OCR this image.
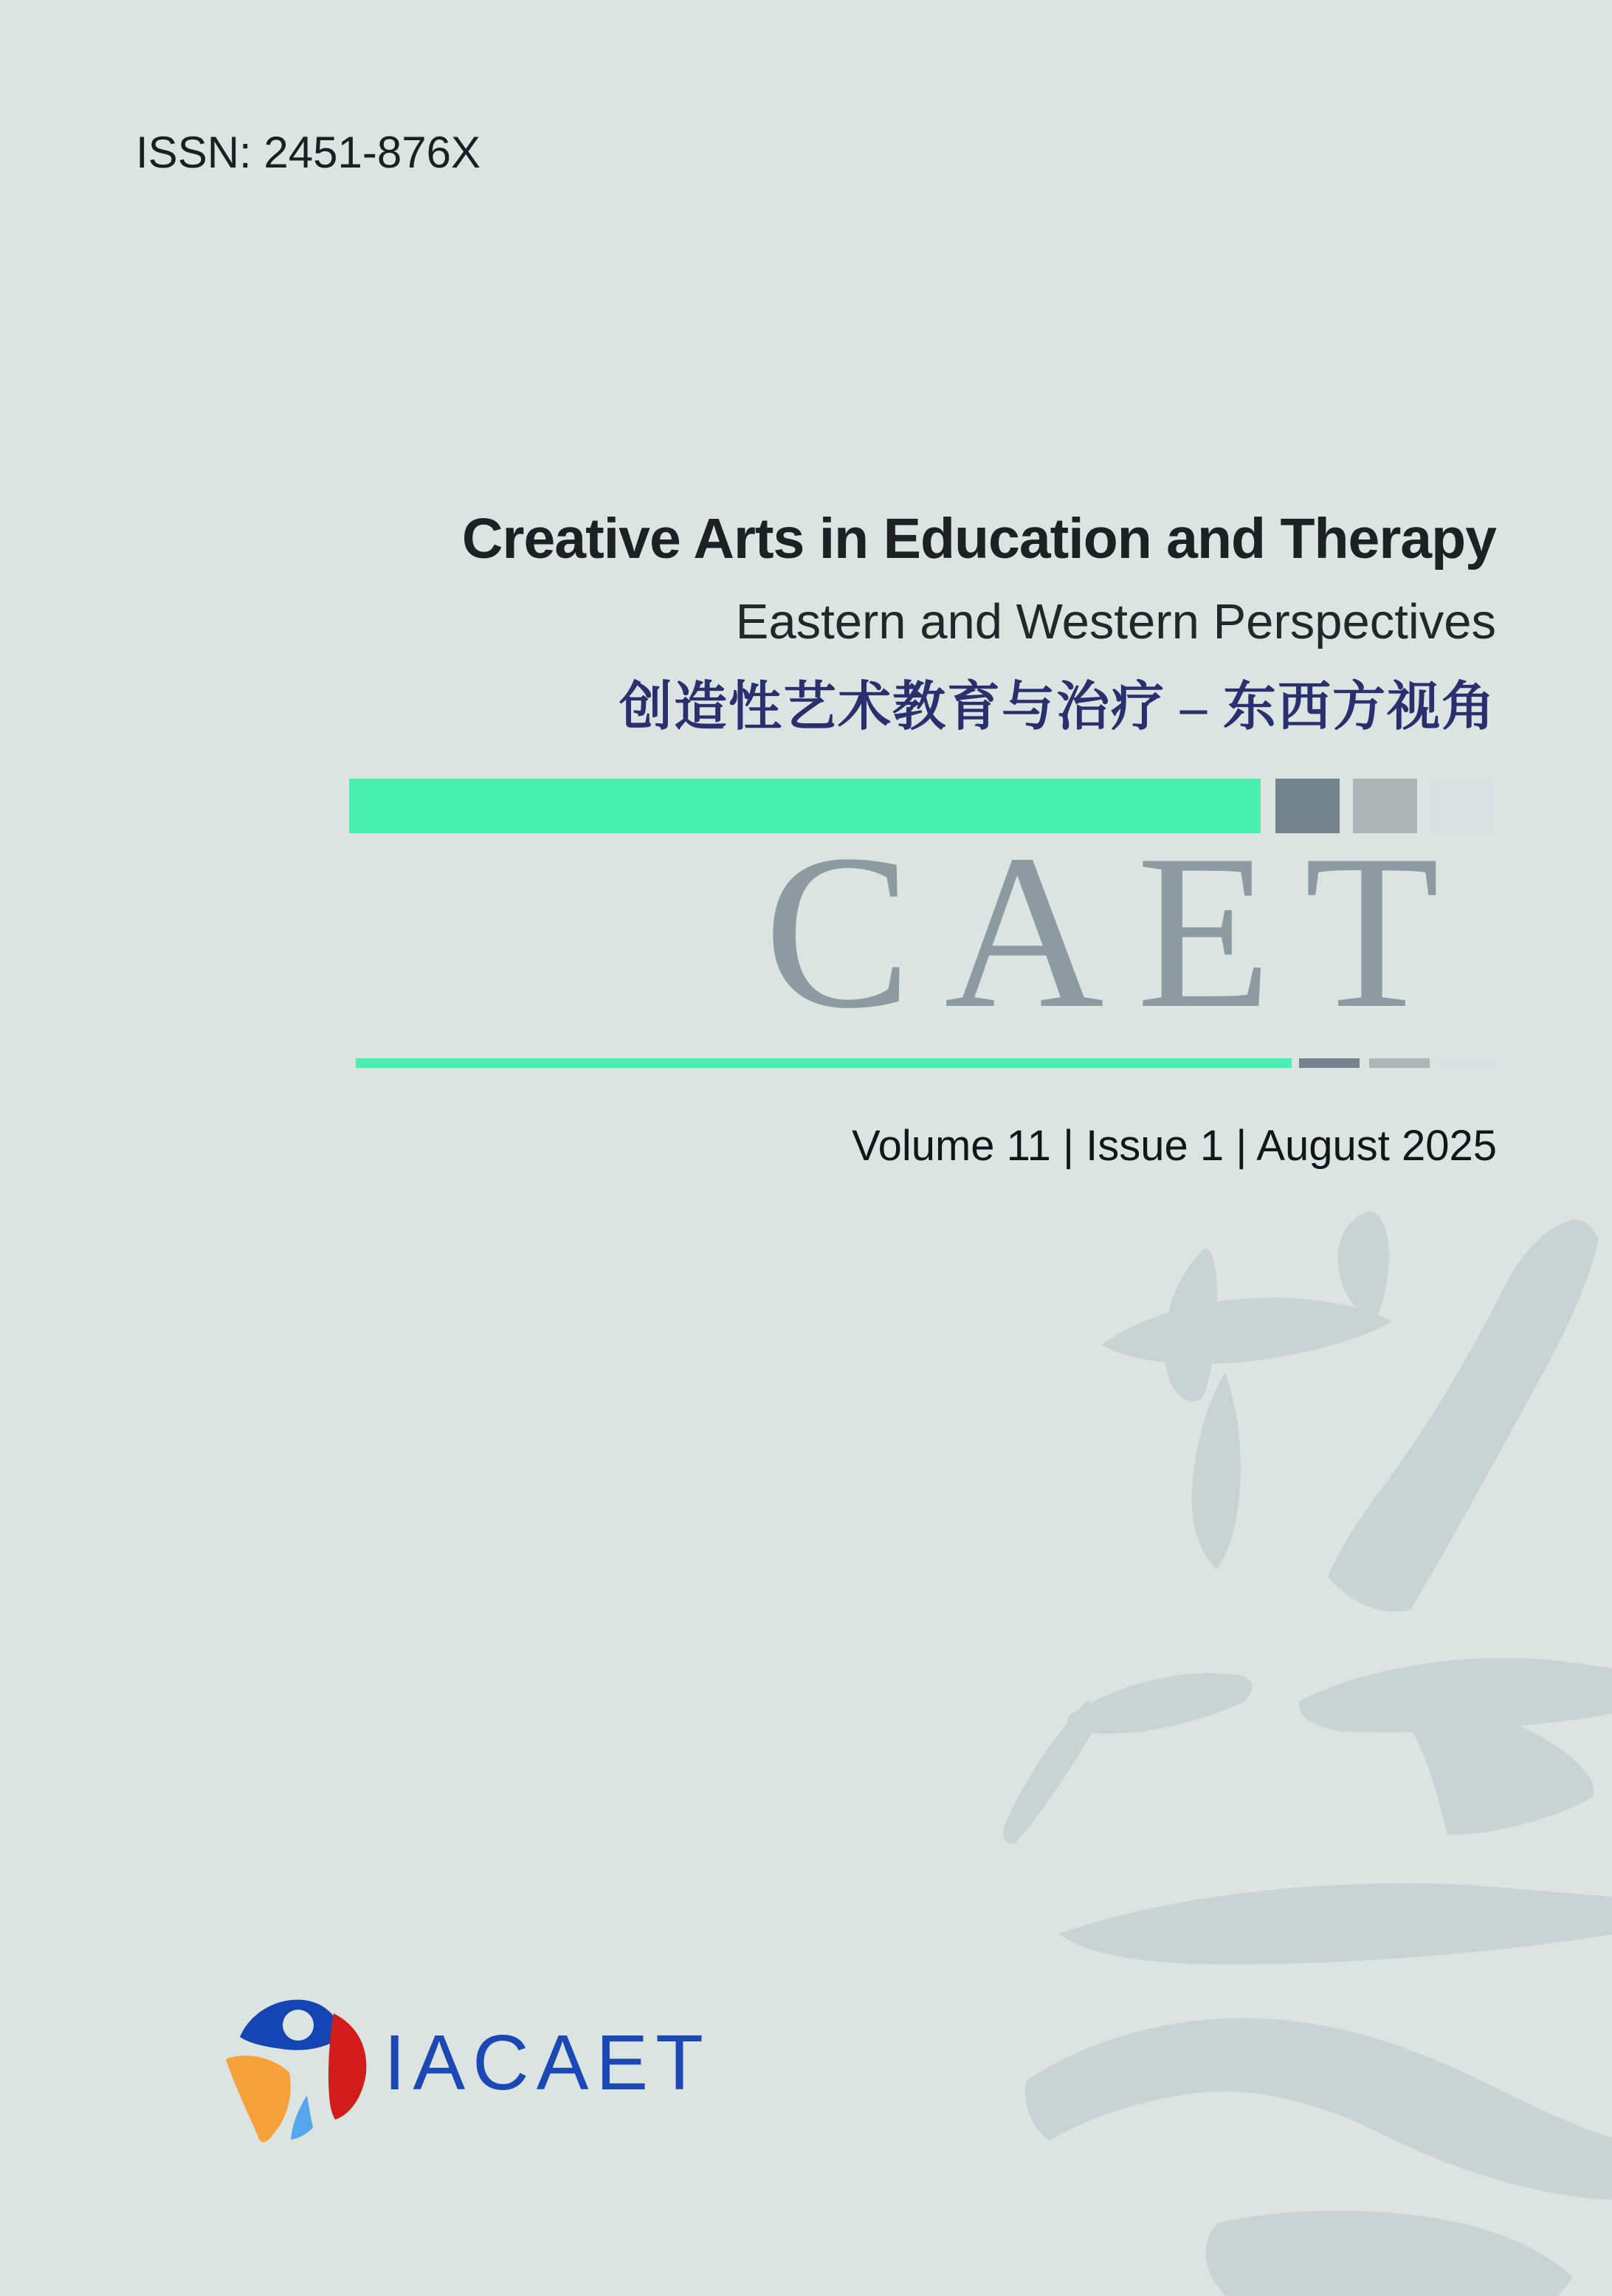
ISSN: 2451-876X
Creative Arts in Education and Therapy
Eastern and Western Perspectives
创造性艺术教育与治疗 – 东西方视角
CAET
Volume 11 | Issue 1 | August 2025
IACAET
